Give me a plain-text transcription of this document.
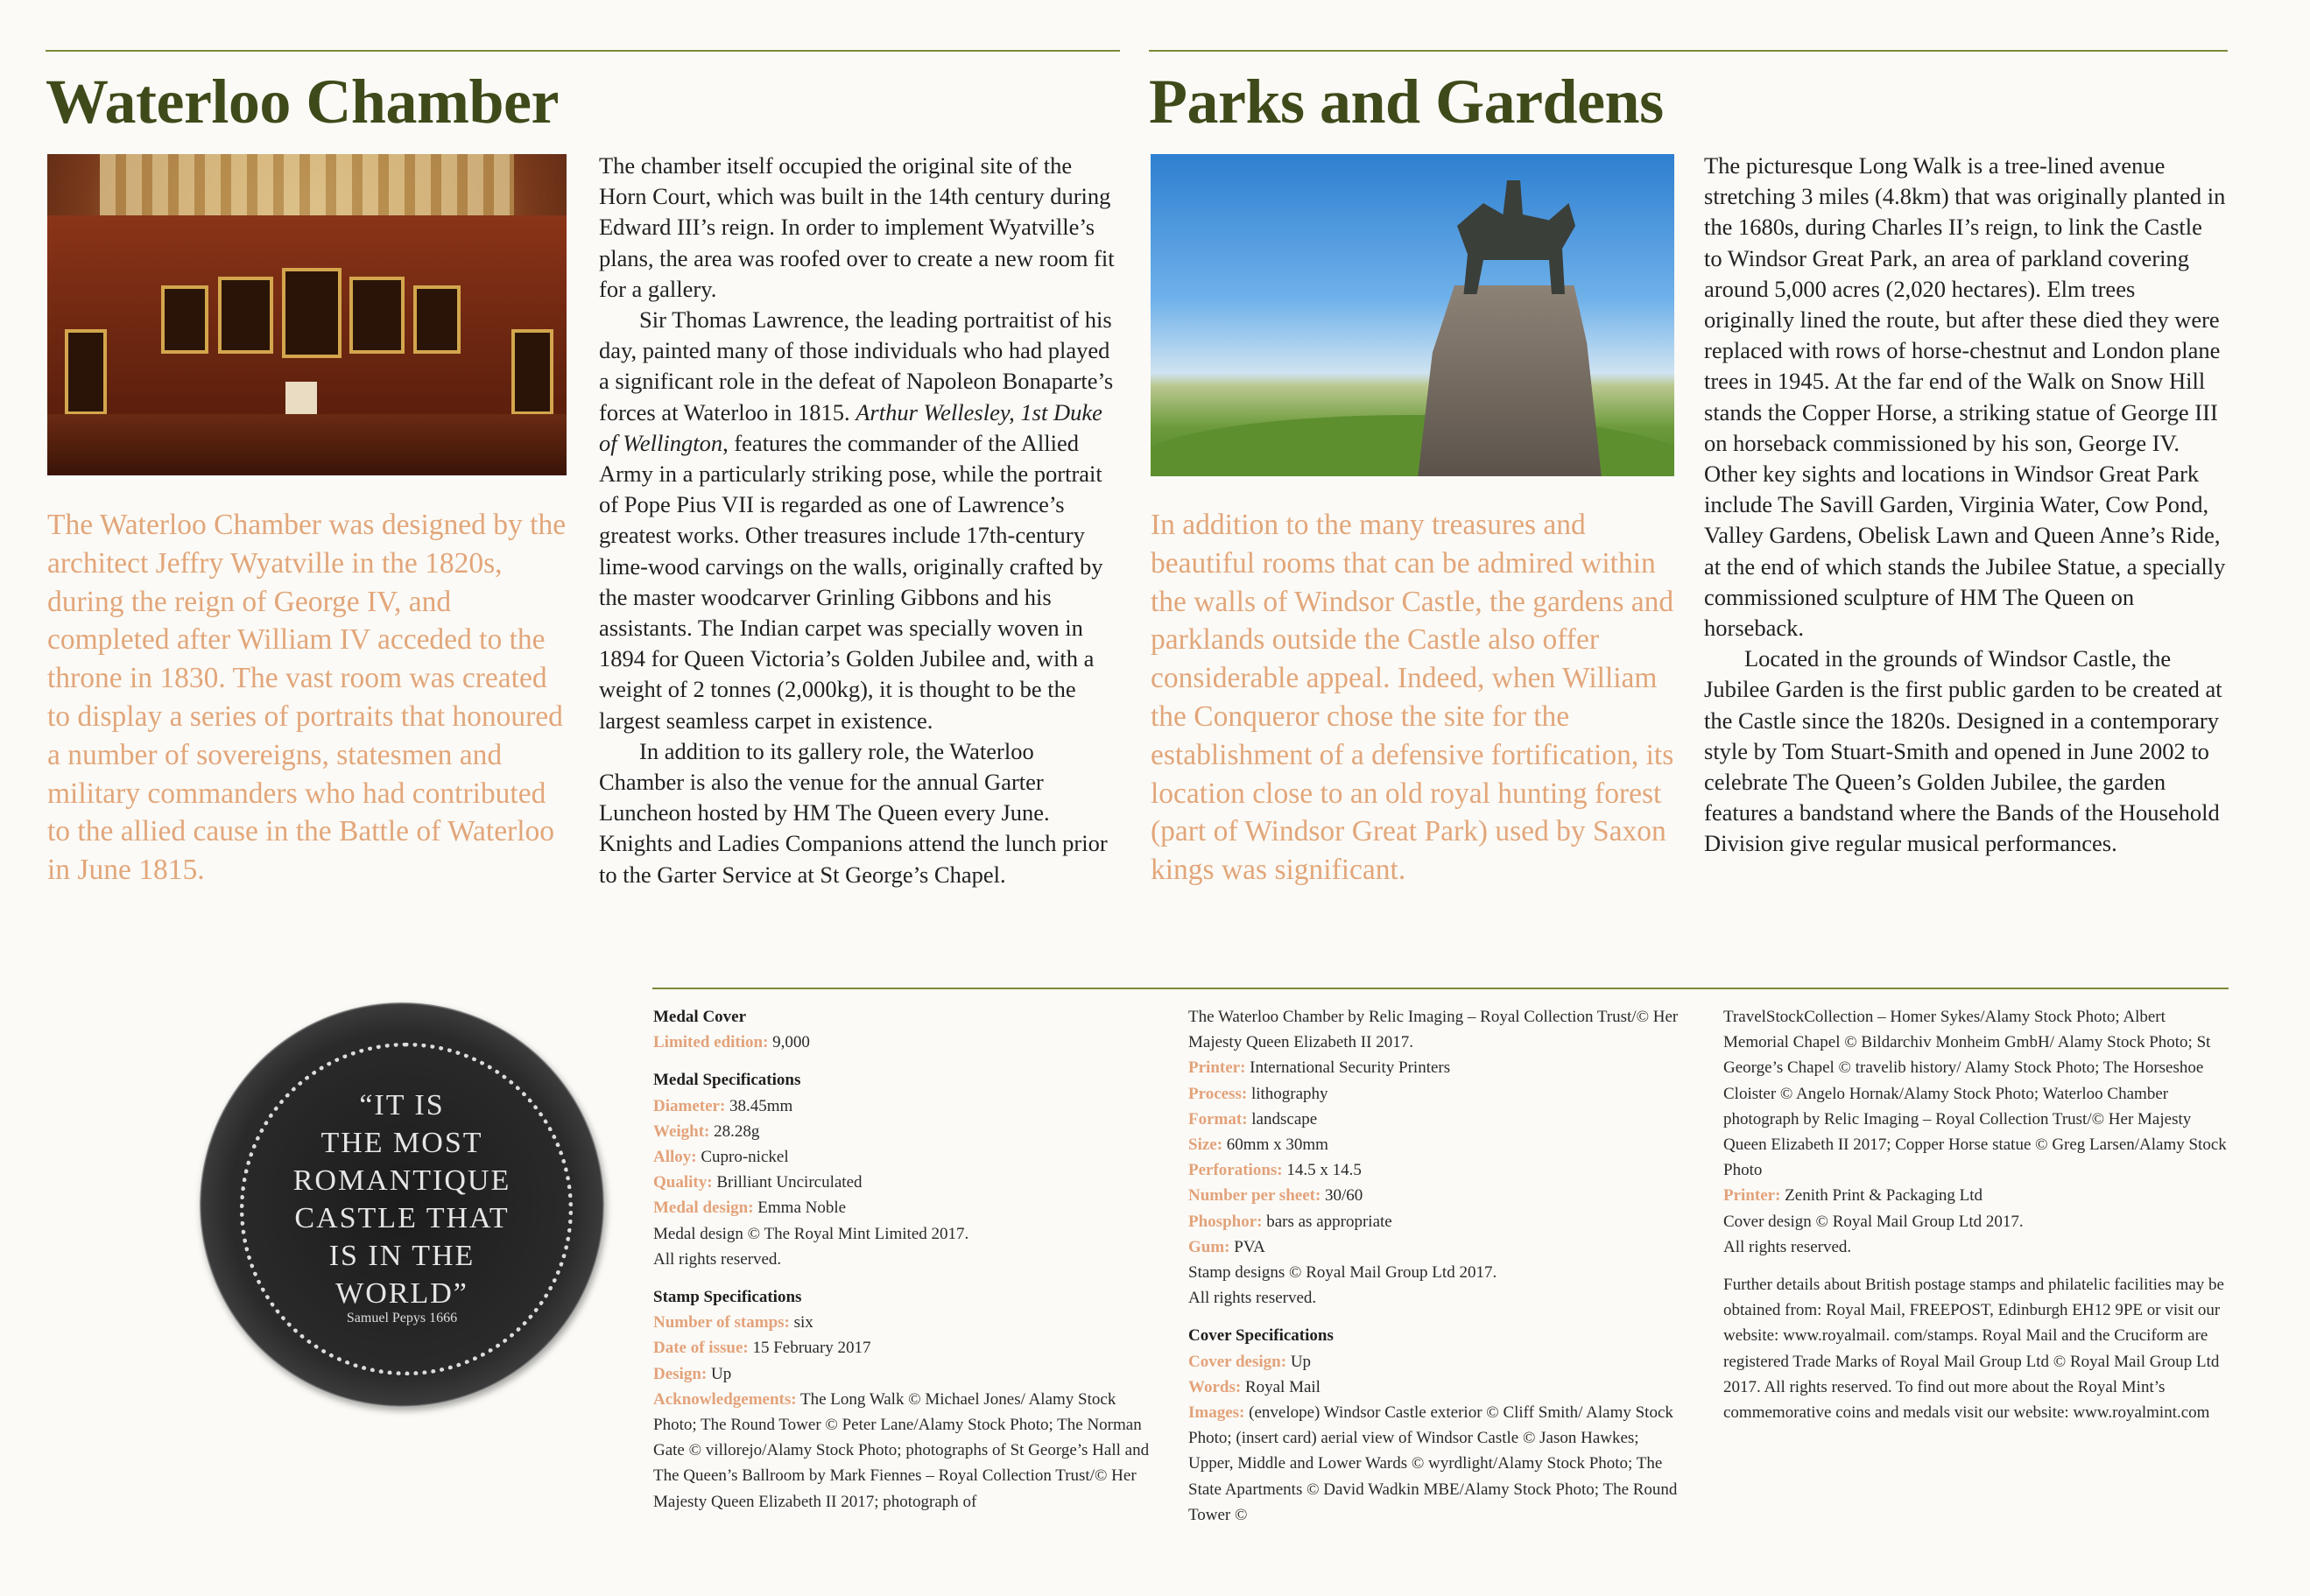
Waterloo Chamber

The Waterloo Chamber was designed by the architect Jeffry Wyatville in the 1820s, during the reign of George IV, and completed after William IV acceded to the throne in 1830. The vast room was created to display a series of portraits that honoured a number of sovereigns, statesmen and military commanders who had contributed to the allied cause in the Battle of Waterloo in June 1815.

The chamber itself occupied the original site of the Horn Court, which was built in the 14th century during Edward III’s reign. In order to implement Wyatville’s plans, the area was roofed over to create a new room fit for a gallery.

Sir Thomas Lawrence, the leading portraitist of his day, painted many of those individuals who had played a significant role in the defeat of Napoleon Bonaparte’s forces at Waterloo in 1815. Arthur Wellesley, 1st Duke of Wellington, features the commander of the Allied Army in a particularly striking pose, while the portrait of Pope Pius VII is regarded as one of Lawrence’s greatest works. Other treasures include 17th-century lime-wood carvings on the walls, originally crafted by the master woodcarver Grinling Gibbons and his assistants. The Indian carpet was specially woven in 1894 for Queen Victoria’s Golden Jubilee and, with a weight of 2 tonnes (2,000kg), it is thought to be the largest seamless carpet in existence.

In addition to its gallery role, the Waterloo Chamber is also the venue for the annual Garter Luncheon hosted by HM The Queen every June. Knights and Ladies Companions attend the lunch prior to the Garter Service at St George’s Chapel.

Parks and Gardens

In addition to the many treasures and beautiful rooms that can be admired within the walls of Windsor Castle, the gardens and parklands outside the Castle also offer considerable appeal. Indeed, when William the Conqueror chose the site for the establishment of a defensive fortification, its location close to an old royal hunting forest (part of Windsor Great Park) used by Saxon kings was significant.

The picturesque Long Walk is a tree-lined avenue stretching 3 miles (4.8km) that was originally planted in the 1680s, during Charles II’s reign, to link the Castle to Windsor Great Park, an area of parkland covering around 5,000 acres (2,020 hectares). Elm trees originally lined the route, but after these died they were replaced with rows of horse-chestnut and London plane trees in 1945. At the far end of the Walk on Snow Hill stands the Copper Horse, a striking statue of George III on horseback commissioned by his son, George IV. Other key sights and locations in Windsor Great Park include The Savill Garden, Virginia Water, Cow Pond, Valley Gardens, Obelisk Lawn and Queen Anne’s Ride, at the end of which stands the Jubilee Statue, a specially commissioned sculpture of HM The Queen on horseback.

Located in the grounds of Windsor Castle, the Jubilee Garden is the first public garden to be created at the Castle since the 1820s. Designed in a contemporary style by Tom Stuart-Smith and opened in June 2002 to celebrate The Queen’s Golden Jubilee, the garden features a bandstand where the Bands of the Household Division give regular musical performances.

“IT IS
THE MOST
ROMANTIQUE
CASTLE THAT
IS IN THE
WORLD”
Samuel Pepys 1666

Medal Cover

Limited edition: 9,000

Medal Specifications

Diameter: 38.45mm

Weight: 28.28g

Alloy: Cupro-nickel

Quality: Brilliant Uncirculated

Medal design: Emma Noble

Medal design © The Royal Mint Limited 2017.

All rights reserved.

Stamp Specifications

Number of stamps: six

Date of issue: 15 February 2017

Design: Up

Acknowledgements: The Long Walk © Michael Jones/ Alamy Stock Photo; The Round Tower © Peter Lane/Alamy Stock Photo; The Norman Gate © villorejo/Alamy Stock Photo; photographs of St George’s Hall and The Queen’s Ballroom by Mark Fiennes – Royal Collection Trust/© Her Majesty Queen Elizabeth II 2017; photograph of

The Waterloo Chamber by Relic Imaging – Royal Collection Trust/© Her Majesty Queen Elizabeth II 2017.

Printer: International Security Printers

Process: lithography

Format: landscape

Size: 60mm x 30mm

Perforations: 14.5 x 14.5

Number per sheet: 30/60

Phosphor: bars as appropriate

Gum: PVA

Stamp designs © Royal Mail Group Ltd 2017.

All rights reserved.

Cover Specifications

Cover design: Up

Words: Royal Mail

Images: (envelope) Windsor Castle exterior © Cliff Smith/ Alamy Stock Photo; (insert card) aerial view of Windsor Castle © Jason Hawkes; Upper, Middle and Lower Wards © wyrdlight/Alamy Stock Photo; The State Apartments © David Wadkin MBE/Alamy Stock Photo; The Round Tower ©

TravelStockCollection – Homer Sykes/Alamy Stock Photo; Albert Memorial Chapel © Bildarchiv Monheim GmbH/ Alamy Stock Photo; St George’s Chapel © travelib history/ Alamy Stock Photo; The Horseshoe Cloister © Angelo Hornak/Alamy Stock Photo; Waterloo Chamber photograph by Relic Imaging – Royal Collection Trust/© Her Majesty Queen Elizabeth II 2017; Copper Horse statue © Greg Larsen/Alamy Stock Photo

Printer: Zenith Print & Packaging Ltd

Cover design © Royal Mail Group Ltd 2017.

All rights reserved.

Further details about British postage stamps and philatelic facilities may be obtained from: Royal Mail, FREEPOST, Edinburgh EH12 9PE or visit our website: www.royalmail. com/stamps. Royal Mail and the Cruciform are registered Trade Marks of Royal Mail Group Ltd © Royal Mail Group Ltd 2017. All rights reserved. To find out more about the Royal Mint’s commemorative coins and medals visit our website: www.royalmint.com
